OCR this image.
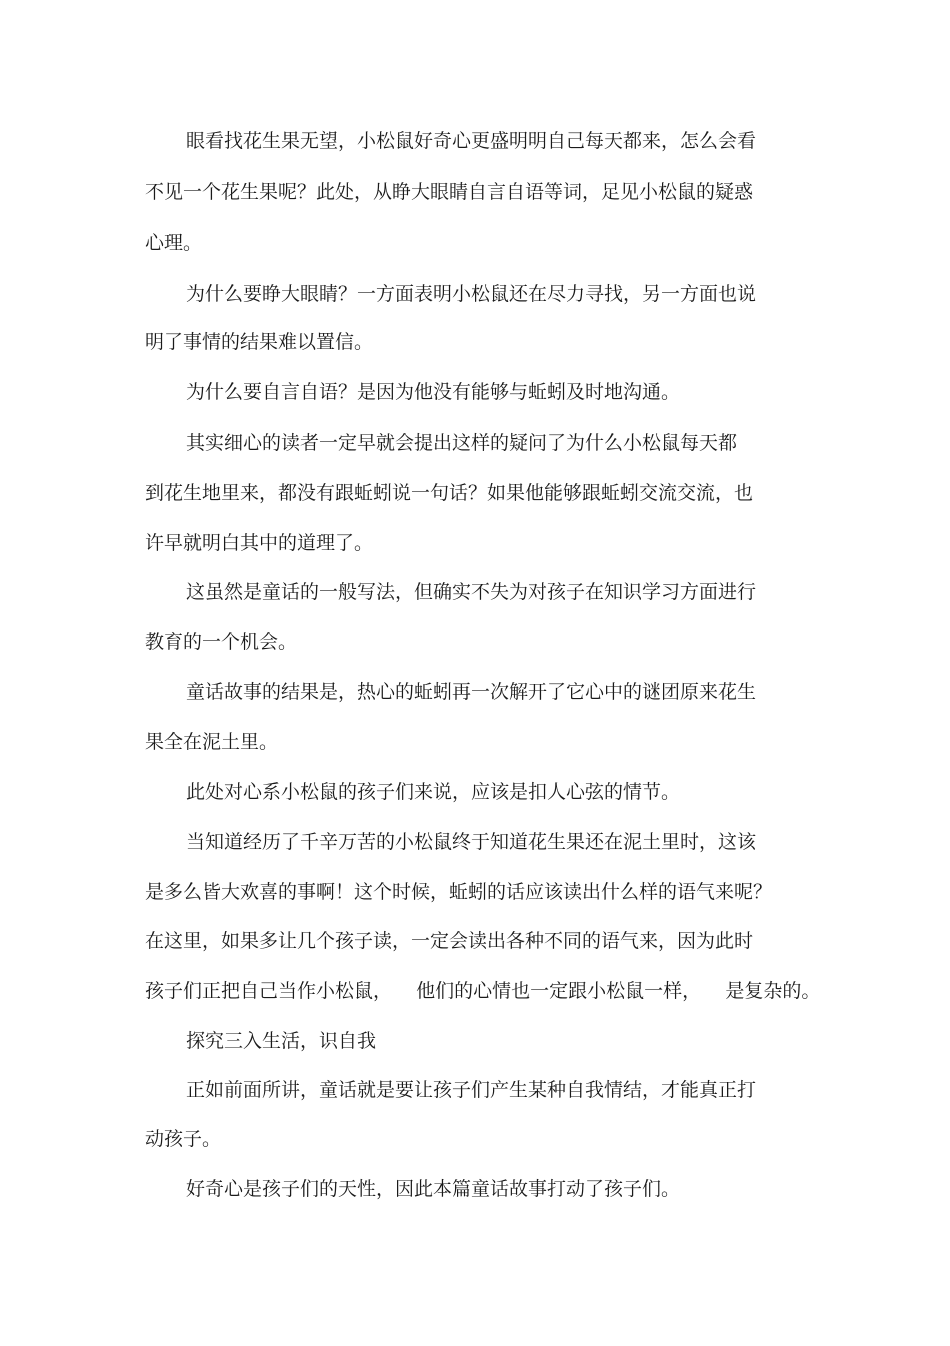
眼看找花生果无望，小松鼠好奇心更盛明明自己每天都来，怎么会看
不见一个花生果呢？此处，从睁大眼睛自言自语等词，足见小松鼠的疑惑
心理。
为什么要睁大眼睛？一方面表明小松鼠还在尽力寻找，另一方面也说
明了事情的结果难以置信。
为什么要自言自语？是因为他没有能够与蚯蚓及时地沟通。
其实细心的读者一定早就会提出这样的疑问了为什么小松鼠每天都
到花生地里来，都没有跟蚯蚓说一句话？如果他能够跟蚯蚓交流交流，也
许早就明白其中的道理了。
这虽然是童话的一般写法，但确实不失为对孩子在知识学习方面进行
教育的一个机会。
童话故事的结果是，热心的蚯蚓再一次解开了它心中的谜团原来花生
果全在泥土里。
此处对心系小松鼠的孩子们来说，应该是扣人心弦的情节。
当知道经历了千辛万苦的小松鼠终于知道花生果还在泥土里时，这该
是多么皆大欢喜的事啊！这个时候，蚯蚓的话应该读出什么样的语气来呢？
在这里，如果多让几个孩子读，一定会读出各种不同的语气来，因为此时
孩子们正把自己当作小松鼠，    他们的心情也一定跟小松鼠一样，    是复杂的。
探究三入生活，识自我
正如前面所讲，童话就是要让孩子们产生某种自我情结，才能真正打
动孩子。
好奇心是孩子们的天性，因此本篇童话故事打动了孩子们。
